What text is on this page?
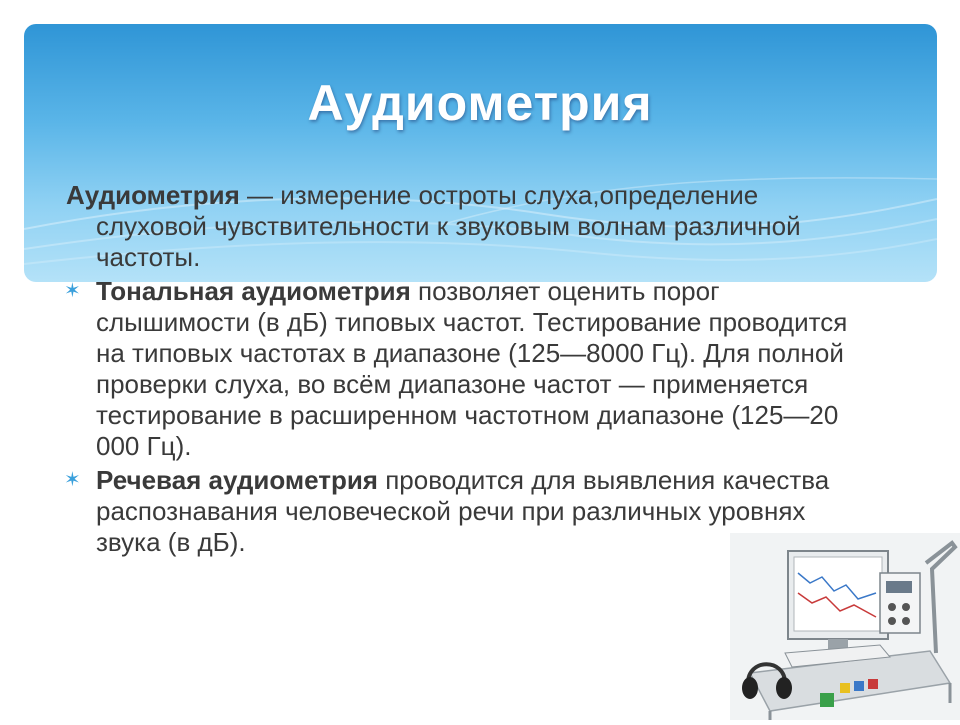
Аудиометрия

Аудиометрия — измерение остроты слуха,определение слуховой чувствительности к звуковым волнам различной частоты.

✶ Тональная аудиометрия позволяет оценить порог слышимости (в дБ) типовых частот. Тестирование проводится на типовых частотах в диапазоне (125—8000 Гц). Для полной проверки слуха, во всём диапазоне частот — применяется тестирование в расширенном частотном диапазоне (125—20 000 Гц).

✶ Речевая аудиометрия проводится для выявления качества распознавания человеческой речи при различных уровнях звука (в дБ).
